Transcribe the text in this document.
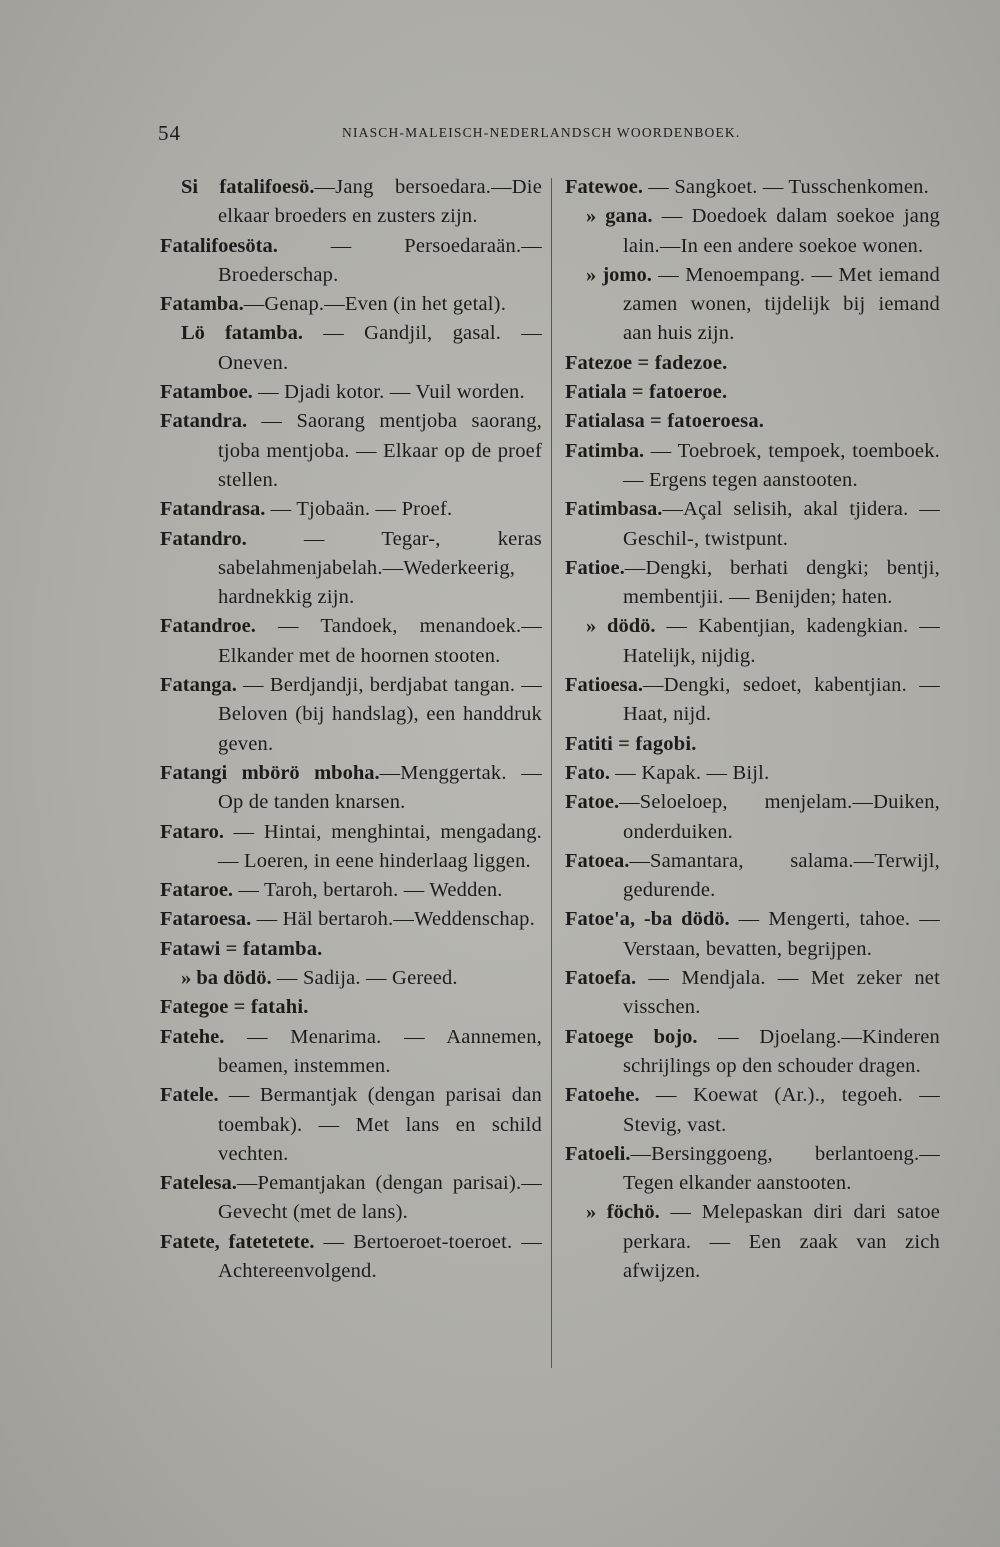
54	NIASCH-MALEISCH-NEDERLANDSCH WOORDENBOEK.

Si fatalifoesö.—Jang bersoedara.—Die elkaar broeders en zusters zijn.

Fatalifoesöta. — Persoedaraän.—Broederschap.

Fatamba.—Genap.—Even (in het getal).

Lö fatamba. — Gandjil, gasal. — Oneven.

Fatamboe. — Djadi kotor. — Vuil worden.

Fatandra. — Saorang mentjoba saorang, tjoba mentjoba. — Elkaar op de proef stellen.

Fatandrasa. — Tjobaän. — Proef.

Fatandro. — Tegar-, keras sabelahmenjabelah.—Wederkeerig, hardnekkig zijn.

Fatandroe. — Tandoek, menandoek.—Elkander met de hoornen stooten.

Fatanga. — Berdjandji, berdjabat tangan. — Beloven (bij handslag), een handdruk geven.

Fatangi mbörö mboha.—Menggertak. — Op de tanden knarsen.

Fataro. — Hintai, menghintai, mengadang. — Loeren, in eene hinderlaag liggen.

Fataroe. — Taroh, bertaroh. — Wedden.

Fataroesa. — Häl bertaroh.—Weddenschap.

Fatawi = fatamba.

» ba dödö. — Sadija. — Gereed.

Fategoe = fatahi.

Fatehe. — Menarima. — Aannemen, beamen, instemmen.

Fatele. — Bermantjak (dengan parisai dan toembak). — Met lans en schild vechten.

Fatelesa.—Pemantjakan (dengan parisai).—Gevecht (met de lans).

Fatete, fatetetete. — Bertoeroet-toeroet. — Achtereenvolgend.

Fatewoe. — Sangkoet. — Tusschenkomen.

» gana. — Doedoek dalam soekoe jang lain.—In een andere soekoe wonen.

» jomo. — Menoempang. — Met iemand zamen wonen, tijdelijk bij iemand aan huis zijn.

Fatezoe = fadezoe.

Fatiala = fatoeroe.

Fatialasa = fatoeroesa.

Fatimba. — Toebroek, tempoek, toemboek. — Ergens tegen aanstooten.

Fatimbasa.—Açal selisih, akal tjidera. — Geschil-, twistpunt.

Fatioe.—Dengki, berhati dengki; bentji, membentjii. — Benijden; haten.

» dödö. — Kabentjian, kadengkian. — Hatelijk, nijdig.

Fatioesa.—Dengki, sedoet, kabentjian. — Haat, nijd.

Fatiti = fagobi.

Fato. — Kapak. — Bijl.

Fatoe.—Seloeloep, menjelam.—Duiken, onderduiken.

Fatoea.—Samantara, salama.—Terwijl, gedurende.

Fatoe'a, -ba dödö. — Mengerti, tahoe. — Verstaan, bevatten, begrijpen.

Fatoefa. — Mendjala. — Met zeker net visschen.

Fatoege bojo. — Djoelang.—Kinderen schrijlings op den schouder dragen.

Fatoehe. — Koewat (Ar.)., tegoeh. — Stevig, vast.

Fatoeli.—Bersinggoeng, berlantoeng.—Tegen elkander aanstooten.

» föchö. — Melepaskan diri dari satoe perkara. — Een zaak van zich afwijzen.
